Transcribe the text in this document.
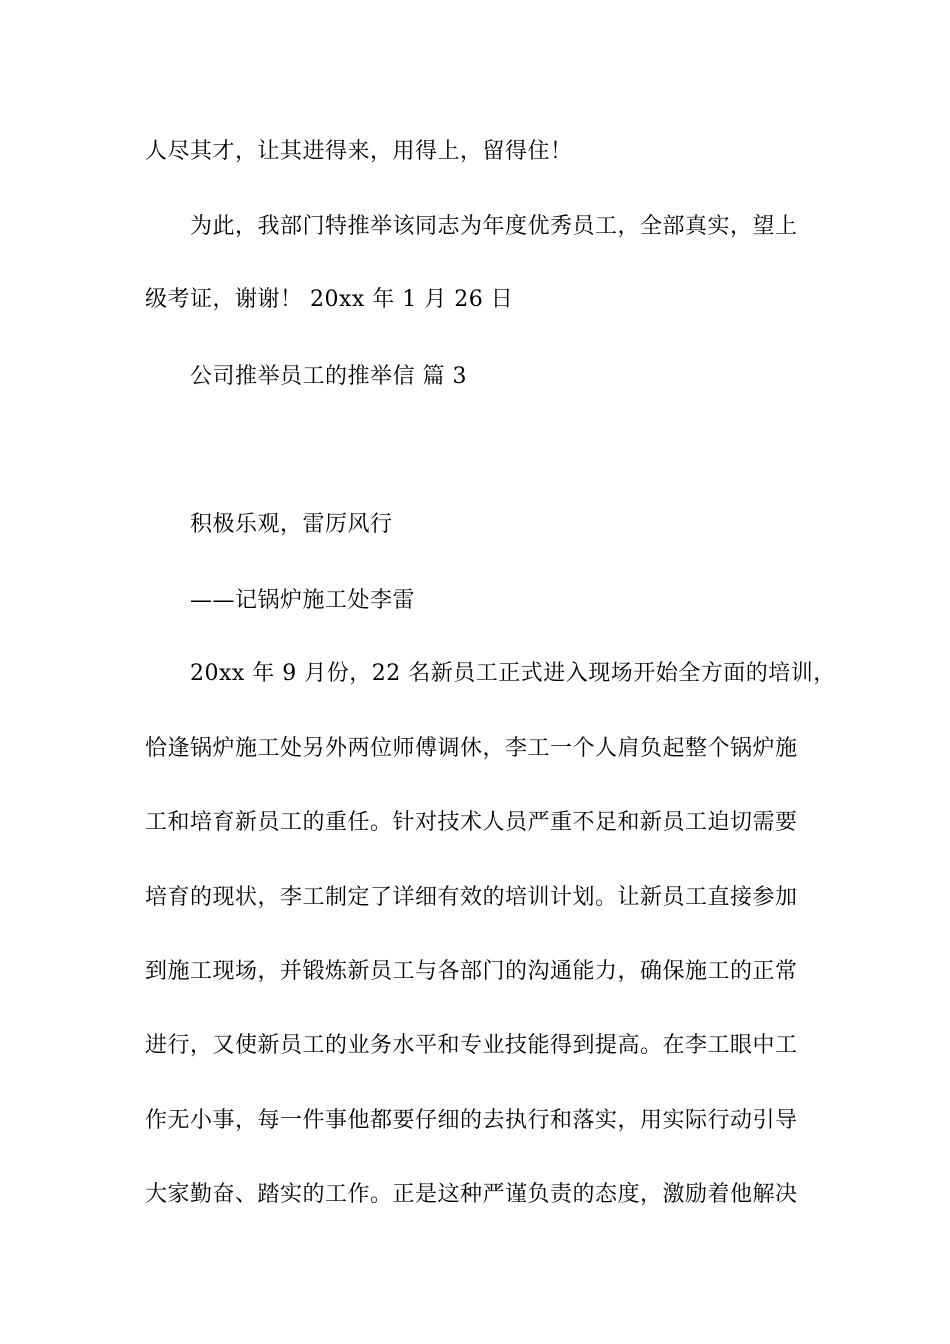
人尽其才，让其进得来，用得上，留得住！
为此，我部门特推举该同志为年度优秀员工，全部真实，望上
级考证，谢谢！ 20xx 年 1 月 26 日
公司推举员工的推举信 篇 3
积极乐观，雷厉风行
——记锅炉施工处李雷
20xx 年 9 月份，22 名新员工正式进入现场开始全方面的培训，
恰逢锅炉施工处另外两位师傅调休，李工一个人肩负起整个锅炉施
工和培育新员工的重任。针对技术人员严重不足和新员工迫切需要
培育的现状，李工制定了详细有效的培训计划。让新员工直接参加
到施工现场，并锻炼新员工与各部门的沟通能力，确保施工的正常
进行，又使新员工的业务水平和专业技能得到提高。在李工眼中工
作无小事，每一件事他都要仔细的去执行和落实，用实际行动引导
大家勤奋、踏实的工作。正是这种严谨负责的态度，激励着他解决
